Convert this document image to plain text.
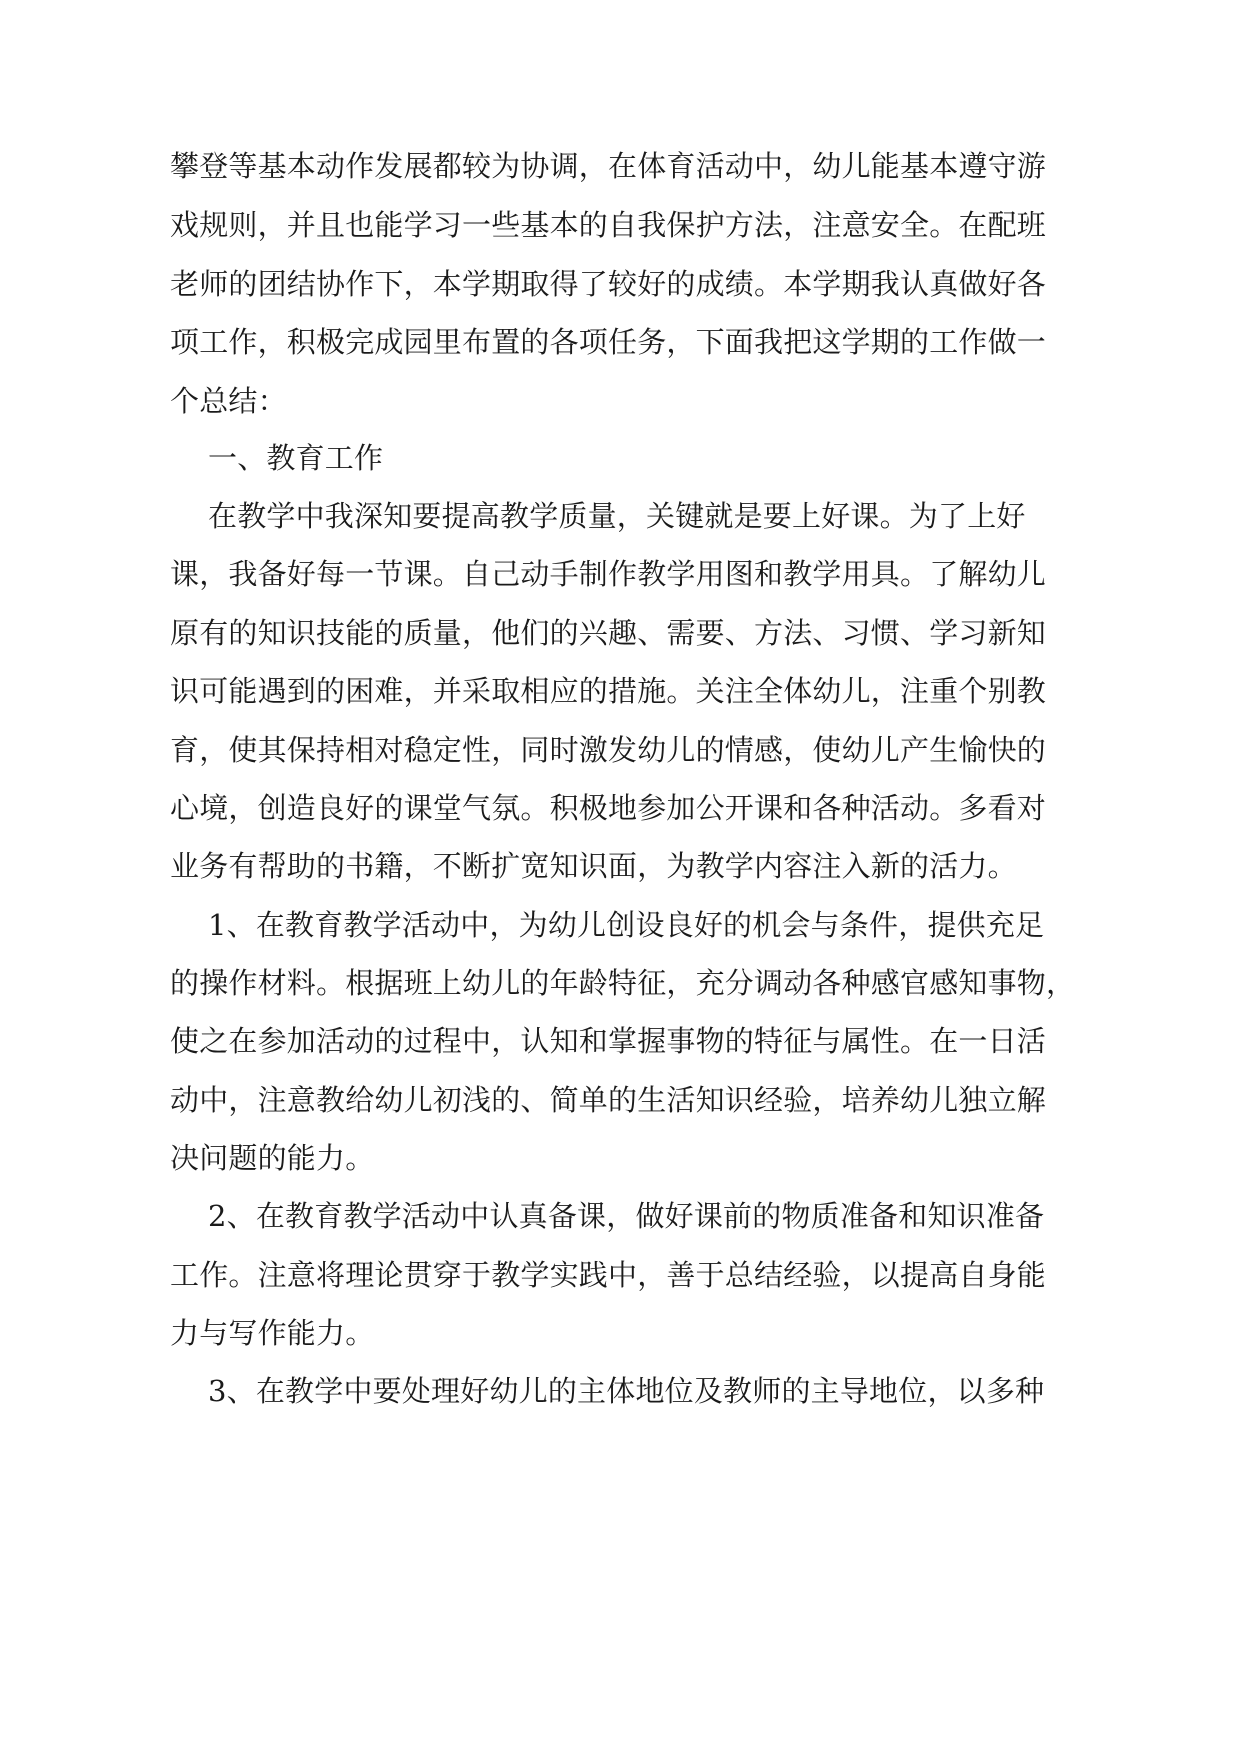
攀登等基本动作发展都较为协调，在体育活动中，幼儿能基本遵守游
戏规则，并且也能学习一些基本的自我保护方法，注意安全。在配班
老师的团结协作下，本学期取得了较好的成绩。本学期我认真做好各
项工作，积极完成园里布置的各项任务，下面我把这学期的工作做一
个总结：
一、教育工作
在教学中我深知要提高教学质量，关键就是要上好课。为了上好
课，我备好每一节课。自己动手制作教学用图和教学用具。了解幼儿
原有的知识技能的质量，他们的兴趣、需要、方法、习惯、学习新知
识可能遇到的困难，并采取相应的措施。关注全体幼儿，注重个别教
育，使其保持相对稳定性，同时激发幼儿的情感，使幼儿产生愉快的
心境，创造良好的课堂气氛。积极地参加公开课和各种活动。多看对
业务有帮助的书籍，不断扩宽知识面，为教学内容注入新的活力。
1、在教育教学活动中，为幼儿创设良好的机会与条件，提供充足
的操作材料。根据班上幼儿的年龄特征，充分调动各种感官感知事物，
使之在参加活动的过程中，认知和掌握事物的特征与属性。在一日活
动中，注意教给幼儿初浅的、简单的生活知识经验，培养幼儿独立解
决问题的能力。
2、在教育教学活动中认真备课，做好课前的物质准备和知识准备
工作。注意将理论贯穿于教学实践中，善于总结经验，以提高自身能
力与写作能力。
3、在教学中要处理好幼儿的主体地位及教师的主导地位，以多种
